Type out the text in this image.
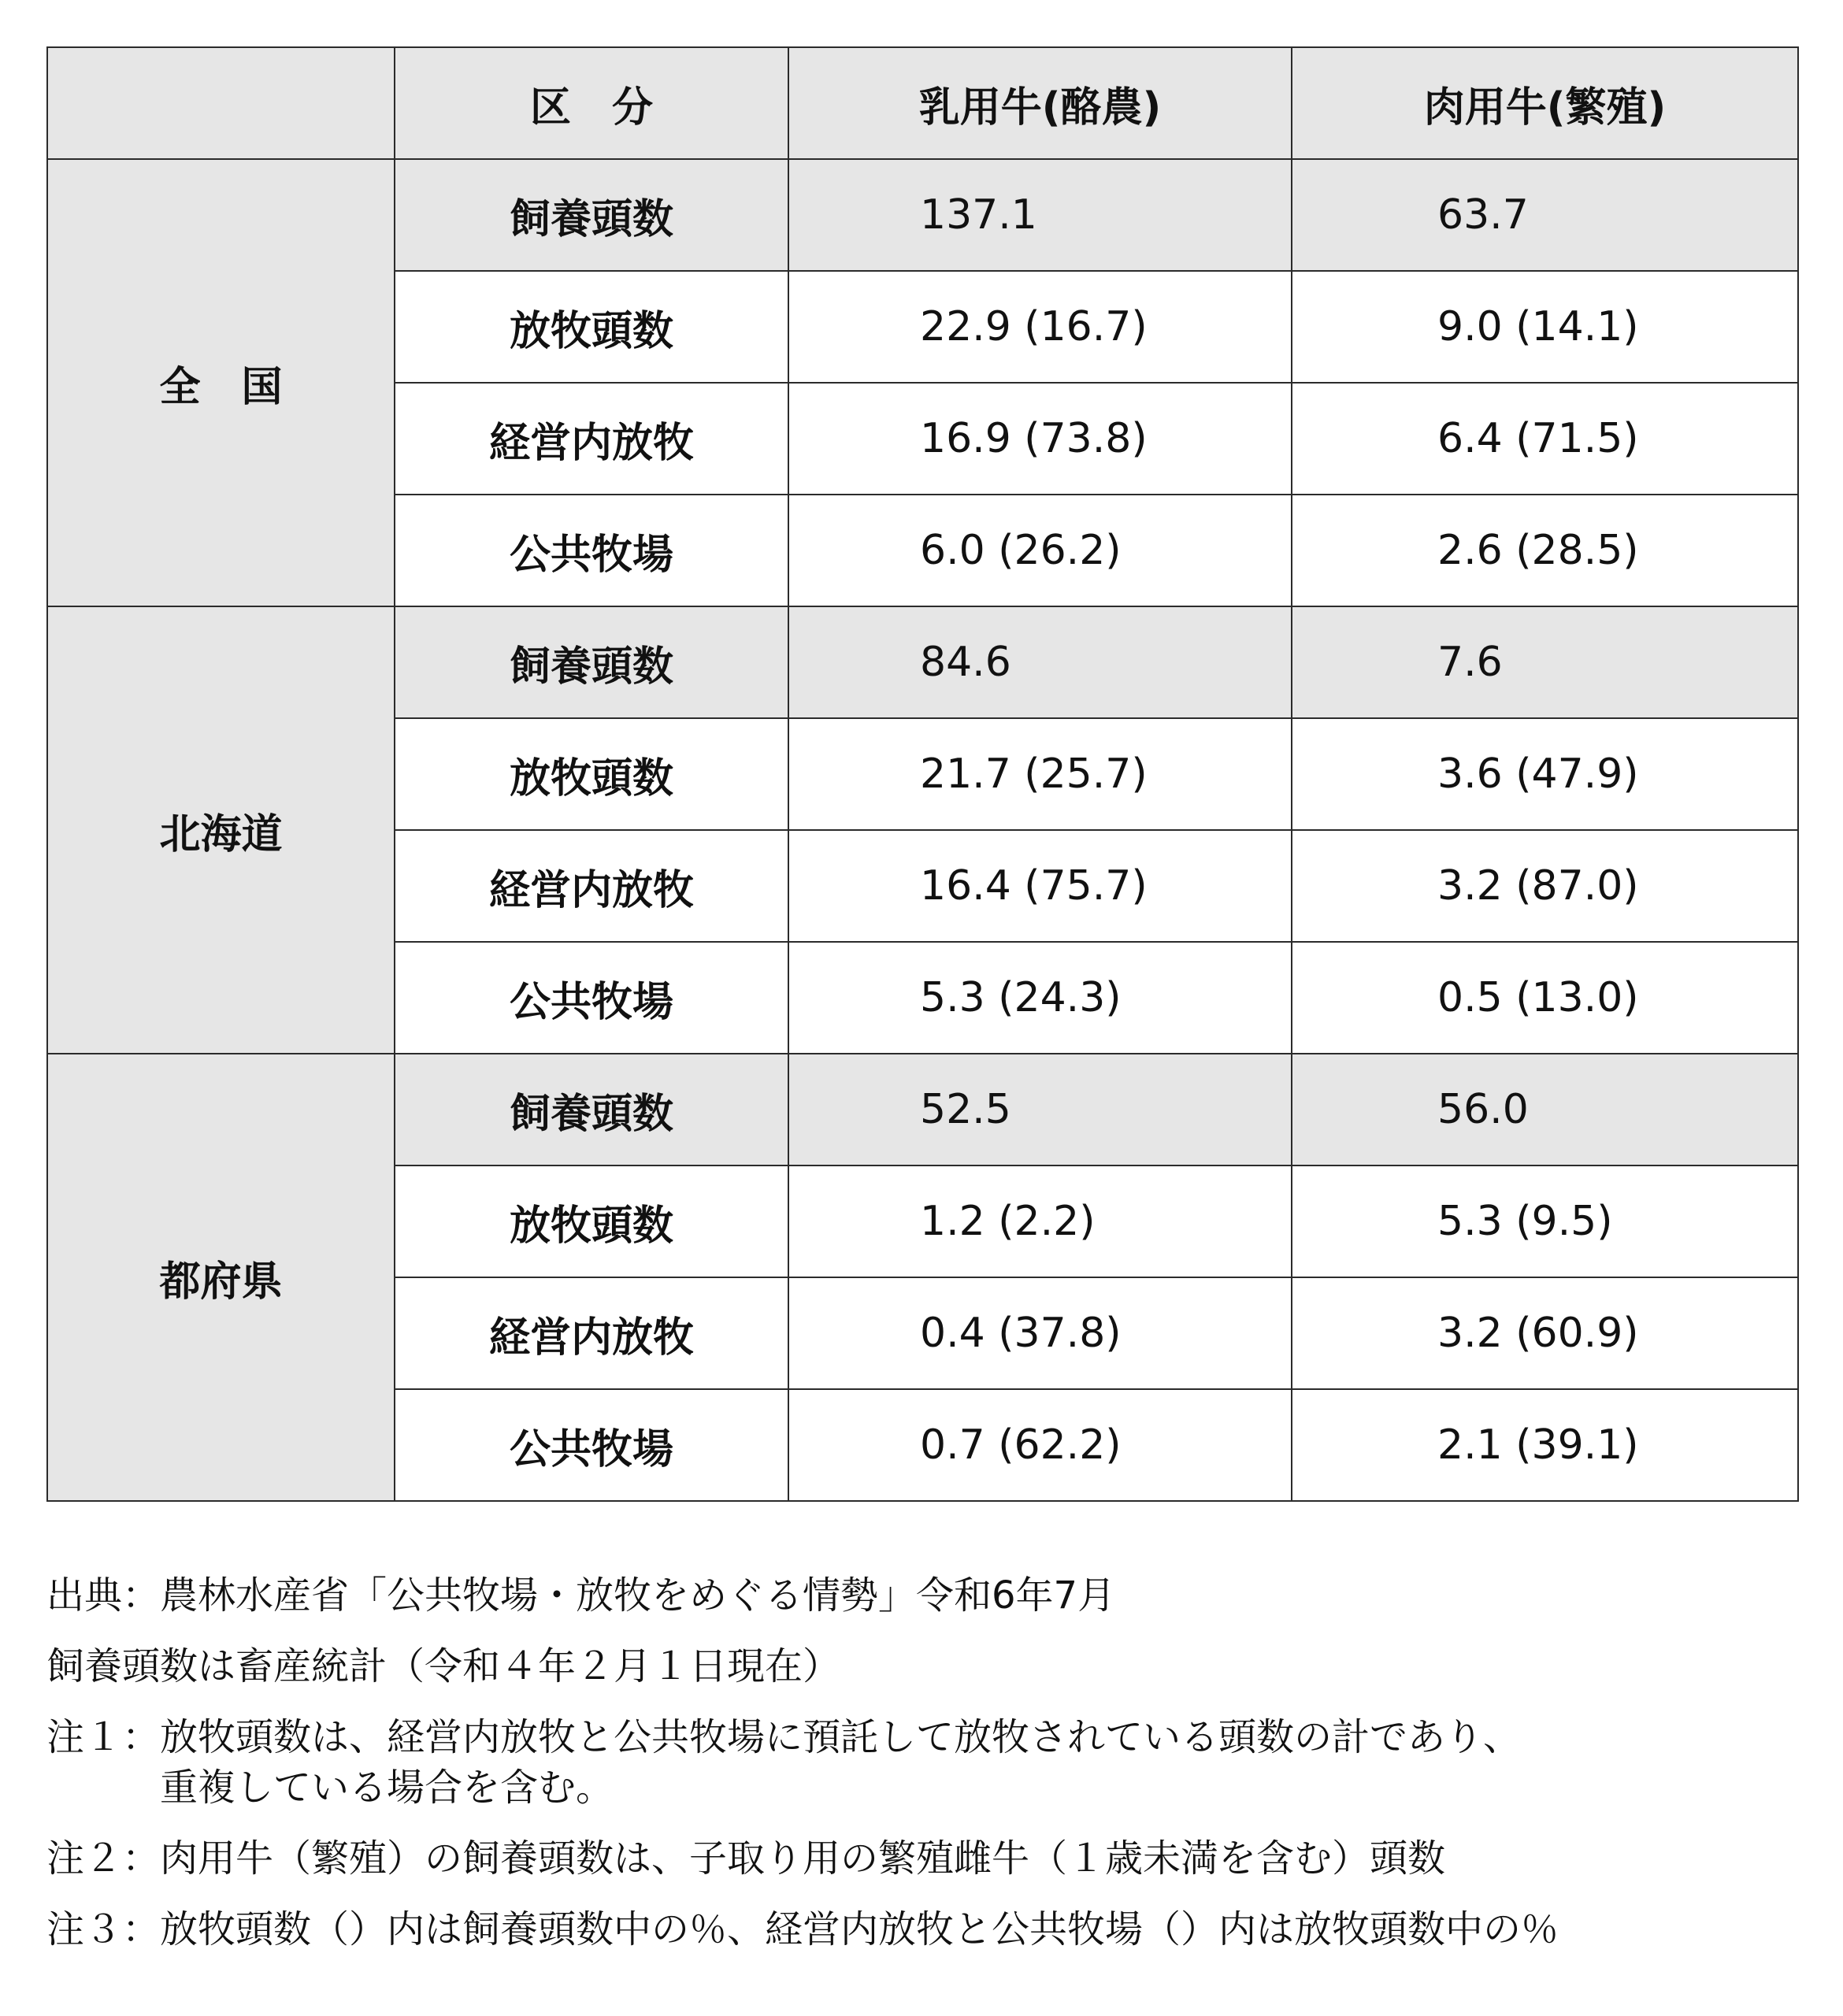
	区　分	乳用牛(酪農)	肉用牛(繁殖)
全　国	飼養頭数	137.1	63.7
	放牧頭数	22.9 (16.7)	9.0 (14.1)
	経営内放牧	16.9 (73.8)	6.4 (71.5)
	公共牧場	6.0 (26.2)	2.6 (28.5)
北海道	飼養頭数	84.6	7.6
	放牧頭数	21.7 (25.7)	3.6 (47.9)
	経営内放牧	16.4 (75.7)	3.2 (87.0)
	公共牧場	5.3 (24.3)	0.5 (13.0)
都府県	飼養頭数	52.5	56.0
	放牧頭数	1.2 (2.2)	5.3 (9.5)
	経営内放牧	0.4 (37.8)	3.2 (60.9)
	公共牧場	0.7 (62.2)	2.1 (39.1)

出典：農林水産省「公共牧場・放牧をめぐる情勢」令和6年7月

飼養頭数は畜産統計（令和４年２月１日現在）

注１： 放牧頭数は、経営内放牧と公共牧場に預託して放牧されている頭数の計であり、
重複している場合を含む。
注２： 肉用牛（繁殖）の飼養頭数は、子取り用の繁殖雌牛（１歳未満を含む）頭数
注３： 放牧頭数（）内は飼養頭数中の％、経営内放牧と公共牧場（）内は放牧頭数中の％
